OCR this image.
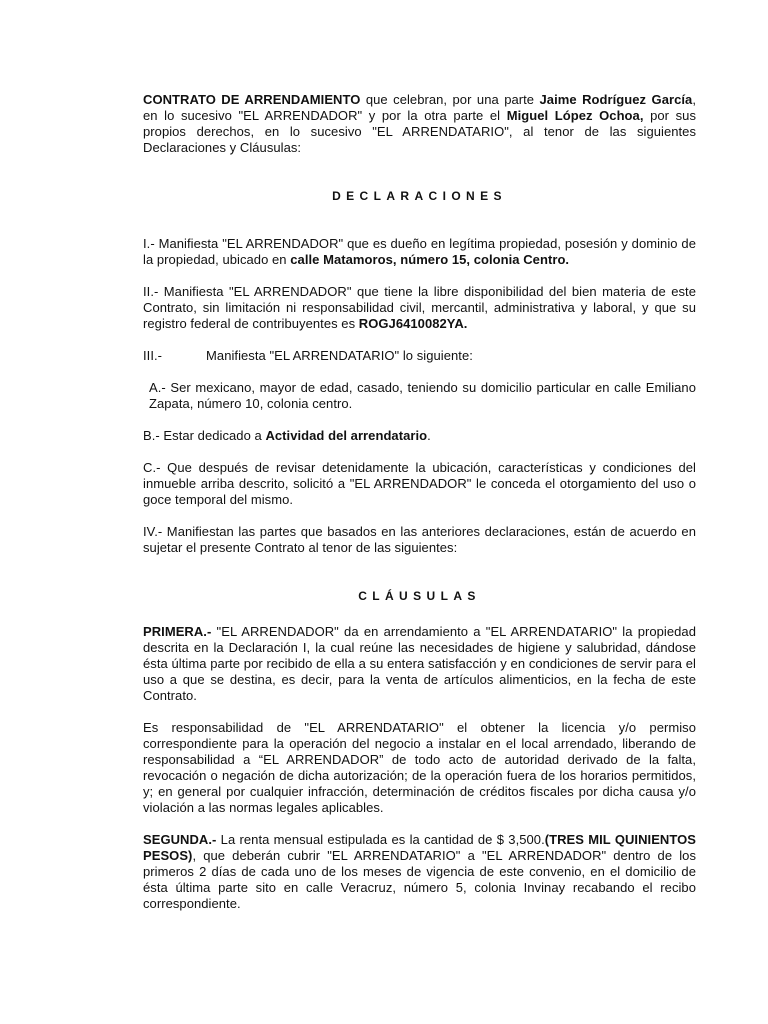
CONTRATO DE ARRENDAMIENTO que celebran, por una parte Jaime Rodríguez García, en lo sucesivo "EL ARRENDADOR" y por la otra parte el Miguel López Ochoa, por sus propios derechos, en lo sucesivo "EL ARRENDATARIO", al tenor de las siguientes Declaraciones y Cláusulas:

DECLARACIONES

I.- Manifiesta "EL ARRENDADOR" que es dueño en legítima propiedad, posesión y dominio de la propiedad, ubicado en calle Matamoros, número 15, colonia Centro.

II.- Manifiesta "EL ARRENDADOR" que tiene la libre disponibilidad del bien materia de este Contrato, sin limitación ni responsabilidad civil, mercantil, administrativa y laboral, y que su registro federal de contribuyentes es ROGJ6410082YA.

III.-	Manifiesta "EL ARRENDATARIO" lo siguiente:

A.- Ser mexicano, mayor de edad, casado, teniendo su domicilio particular en calle Emiliano Zapata, número 10, colonia centro.

B.- Estar dedicado a Actividad del arrendatario.

C.- Que después de revisar detenidamente la ubicación, características y condiciones del inmueble arriba descrito, solicitó a "EL ARRENDADOR" le conceda el otorgamiento del uso o goce temporal del mismo.

IV.- Manifiestan las partes que basados en las anteriores declaraciones, están de acuerdo en sujetar el presente Contrato al tenor de las siguientes:

CLÁUSULAS

PRIMERA.- "EL ARRENDADOR" da en arrendamiento a "EL ARRENDATARIO" la propiedad descrita en la Declaración I, la cual reúne las necesidades de higiene y salubridad, dándose ésta última parte por recibido de ella a su entera satisfacción y en condiciones de servir para el uso a que se destina, es decir, para la venta de artículos alimenticios, en la fecha de este Contrato.

Es responsabilidad de "EL ARRENDATARIO" el obtener la licencia y/o permiso correspondiente para la operación del negocio a instalar en el local arrendado, liberando de responsabilidad a “EL ARRENDADOR” de todo acto de autoridad derivado de la falta, revocación o negación de dicha autorización; de la operación fuera de los horarios permitidos, y; en general por cualquier infracción, determinación de créditos fiscales por dicha causa y/o violación a las normas legales aplicables.

SEGUNDA.- La renta mensual estipulada es la cantidad de $ 3,500.(TRES MIL QUINIENTOS PESOS), que deberán cubrir "EL ARRENDATARIO" a "EL ARRENDADOR" dentro de los primeros 2 días de cada uno de los meses de vigencia de este convenio, en el domicilio de ésta última parte sito en calle Veracruz, número 5, colonia Invinay recabando el recibo correspondiente.
